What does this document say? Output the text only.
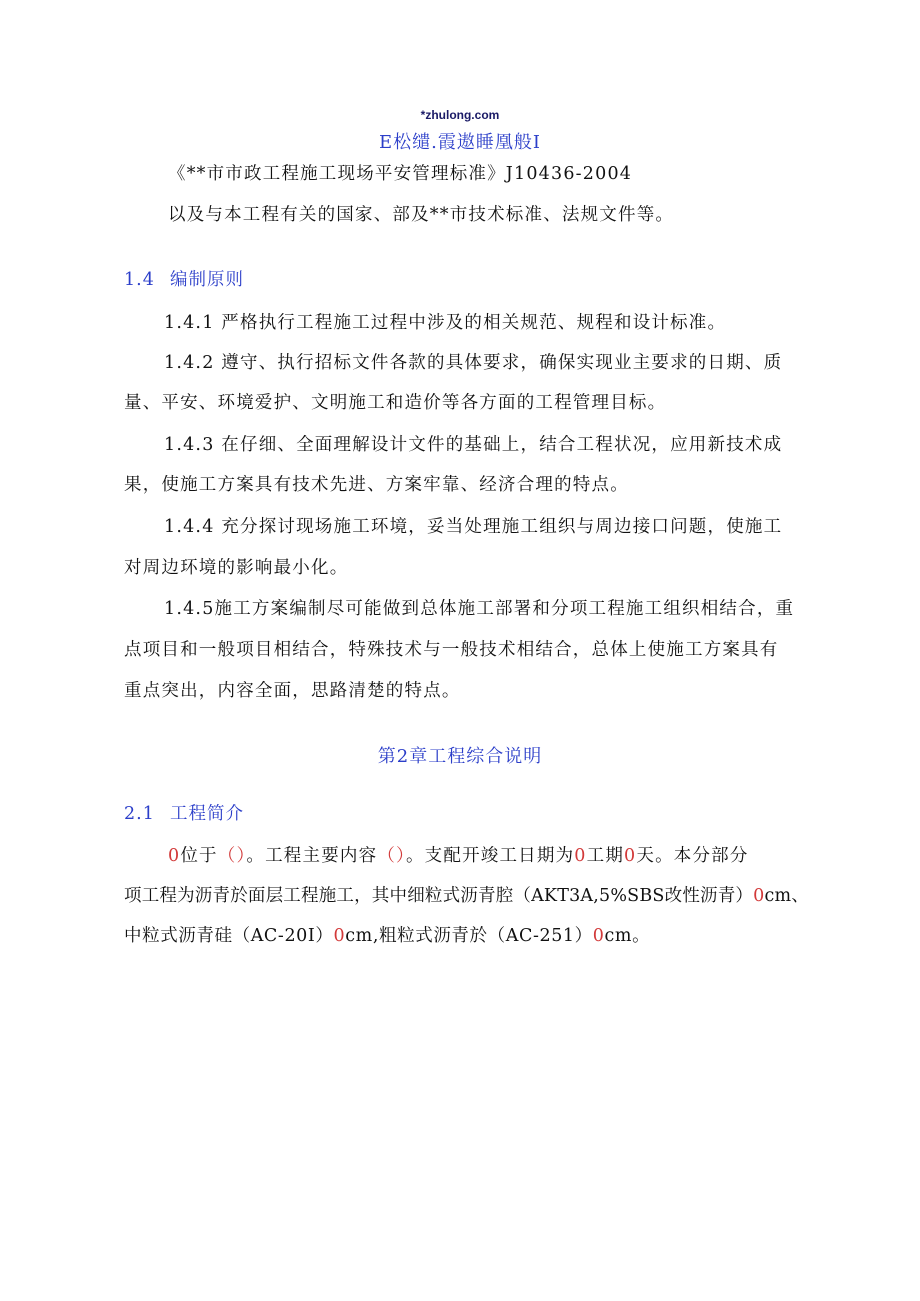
*zhulong.com
E松缱.霞遨睡凰般I
《**市市政工程施工现场平安管理标准》J10436-2004
以及与本工程有关的国家、部及**市技术标准、法规文件等。
1.4 编制原则
1.4.1 严格执行工程施工过程中涉及的相关规范、规程和设计标准。
1.4.2 遵守、执行招标文件各款的具体要求，确保实现业主要求的日期、质
量、平安、环境爱护、文明施工和造价等各方面的工程管理目标。
1.4.3 在仔细、全面理解设计文件的基础上，结合工程状况，应用新技术成
果，使施工方案具有技术先进、方案牢靠、经济合理的特点。
1.4.4 充分探讨现场施工环境，妥当处理施工组织与周边接口问题，使施工
对周边环境的影响最小化。
1.4.5施工方案编制尽可能做到总体施工部署和分项工程施工组织相结合，重
点项目和一般项目相结合，特殊技术与一般技术相结合，总体上使施工方案具有
重点突出，内容全面，思路清楚的特点。
第2章工程综合说明
2.1 工程简介
0位于（）。工程主要内容（）。支配开竣工日期为0工期0天。本分部分
项工程为沥青於面层工程施工，其中细粒式沥青腔（AKT3A,5%SBS改性沥青）0cm、
中粒式沥青硅（AC-20I）0cm,粗粒式沥青於（AC-251）0cm。
